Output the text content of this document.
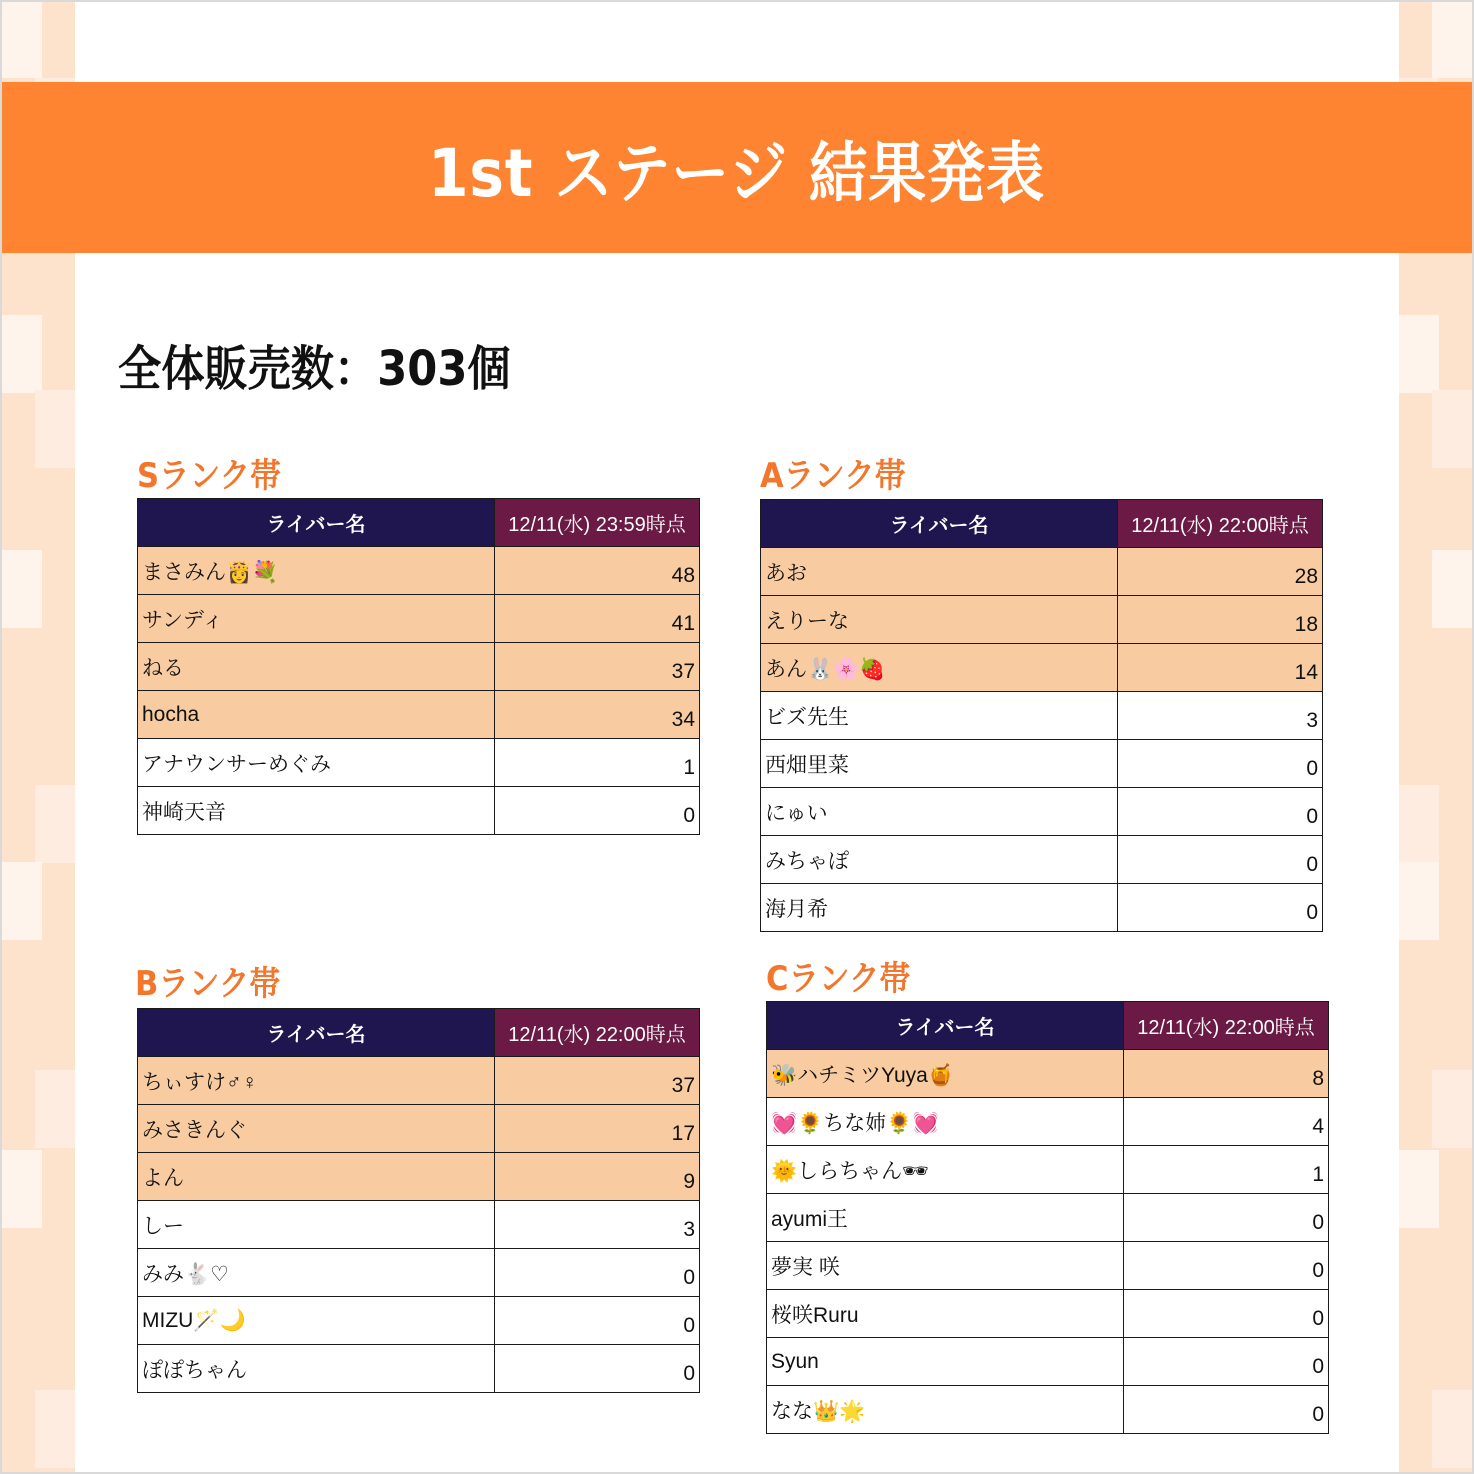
1st ステージ 結果発表
全体販売数：303個
Sランク帯
ライバー名	12/11(水) 23:59時点
まさみん👸💐	48
サンディ	41
ねる	37
hocha	34
アナウンサーめぐみ	1
神崎天音	0
Aランク帯
ライバー名	12/11(水) 22:00時点
あお	28
えりーな	18
あん🐰🌸🍓	14
ビズ先生	3
西畑里菜	0
にゅい	0
みちゃぽ	0
海月希	0
Bランク帯
ライバー名	12/11(水) 22:00時点
ちぃすけ♂♀	37
みさきんぐ	17
よん	9
しー	3
みみ🐇♡	0
MIZU🪄🌙	0
ぽぽちゃん	0
Cランク帯
ライバー名	12/11(水) 22:00時点
🐝ハチミツYuya🍯	8
💓🌻ちな姉🌻💓	4
🌞しらちゃん🕶	1
ayumi王	0
夢実 咲	0
桜咲Ruru	0
Syun	0
なな👑🌟	0
